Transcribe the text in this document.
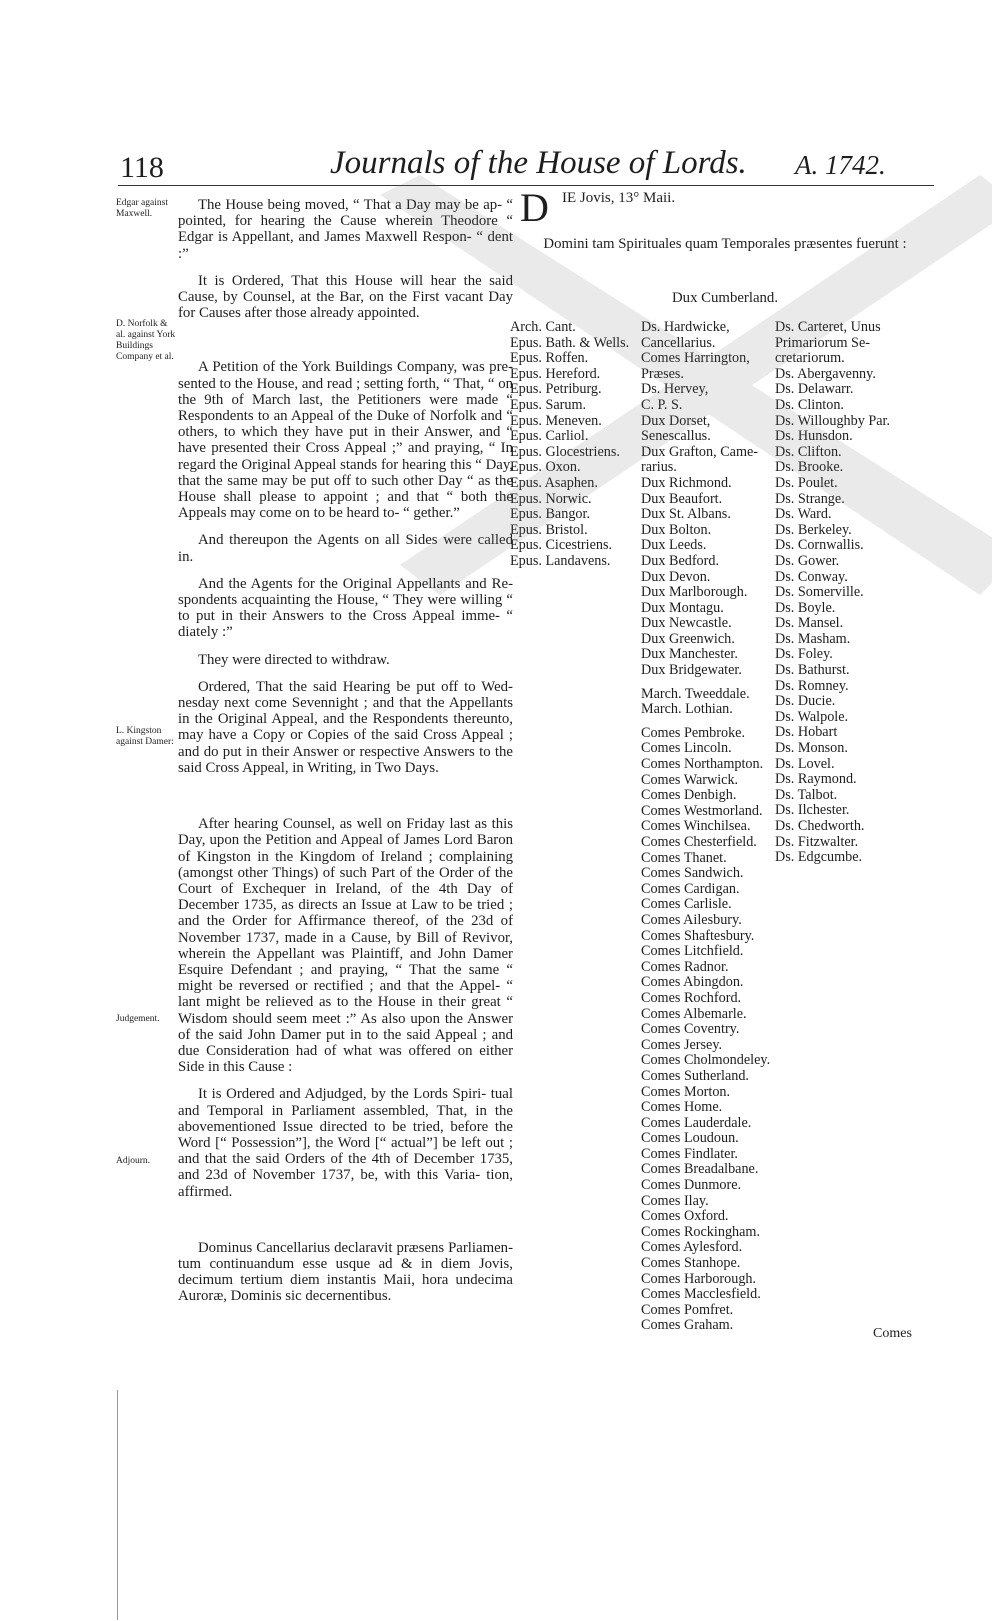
118	Journals of the House of Lords. A. 1742.
Edgar against Maxwell.
D. Norfolk & al. against York Buildings Company et al.
L. Kingston against Damer:
Judgement.
Adjourn.

The House being moved, “ That a Day may be ap- “ pointed, for hearing the Cause wherein Theodore “ Edgar is Appellant, and James Maxwell Respon- “ dent :”

It is Ordered, That this House will hear the said Cause, by Counsel, at the Bar, on the First vacant Day for Causes after those already appointed.

A Petition of the York Buildings Company, was pre- sented to the House, and read ; setting forth, “ That, “ on the 9th of March last, the Petitioners were made “ Respondents to an Appeal of the Duke of Norfolk and “ others, to which they have put in their Answer, and “ have presented their Cross Appeal ;” and praying, “ In regard the Original Appeal stands for hearing this “ Day, that the same may be put off to such other Day “ as the House shall please to appoint ; and that “ both the Appeals may come on to be heard to- “ gether.”

And thereupon the Agents on all Sides were called in.

And the Agents for the Original Appellants and Re- spondents acquainting the House, “ They were willing “ to put in their Answers to the Cross Appeal imme- “ diately :”

They were directed to withdraw.

Ordered, That the said Hearing be put off to Wed- nesday next come Sevennight ; and that the Appellants in the Original Appeal, and the Respondents thereunto, may have a Copy or Copies of the said Cross Appeal ; and do put in their Answer or respective Answers to the said Cross Appeal, in Writing, in Two Days.

After hearing Counsel, as well on Friday last as this Day, upon the Petition and Appeal of James Lord Baron of Kingston in the Kingdom of Ireland ; complaining (amongst other Things) of such Part of the Order of the Court of Exchequer in Ireland, of the 4th Day of December 1735, as directs an Issue at Law to be tried ; and the Order for Affirmance thereof, of the 23d of November 1737, made in a Cause, by Bill of Revivor, wherein the Appellant was Plaintiff, and John Damer Esquire Defendant ; and praying, “ That the same “ might be reversed or rectified ; and that the Appel- “ lant might be relieved as to the House in their great “ Wisdom should seem meet :” As also upon the Answer of the said John Damer put in to the said Appeal ; and due Consideration had of what was offered on either Side in this Cause :

It is Ordered and Adjudged, by the Lords Spiri- tual and Temporal in Parliament assembled, That, in the abovementioned Issue directed to be tried, before the Word [“ Possession”], the Word [“ actual”] be left out ; and that the said Orders of the 4th of December 1735, and 23d of November 1737, be, with this Varia- tion, affirmed.

Dominus Cancellarius declaravit præsens Parliamen- tum continuandum esse usque ad & in diem Jovis, decimum tertium diem instantis Maii, hora undecima Auroræ, Dominis sic decernentibus.

D IE Jovis, 13° Maii.
Domini tam Spirituales quam Temporales præsentes fuerunt :
Dux Cumberland.
Arch. Cant.
Epus. Bath. & Wells.
Epus. Roffen.
Epus. Hereford.
Epus. Petriburg.
Epus. Sarum.
Epus. Meneven.
Epus. Carliol.
Epus. Glocestriens.
Epus. Oxon.
Epus. Asaphen.
Epus. Norwic.
Epus. Bangor.
Epus. Bristol.
Epus. Cicestriens.
Epus. Landavens.
Ds. Hardwicke,
Cancellarius.
Comes Harrington,
Præses.
Ds. Hervey,
C. P. S.
Dux Dorset,
Senescallus.
Dux Grafton, Came-
rarius.
Dux Richmond.
Dux Beaufort.
Dux St. Albans.
Dux Bolton.
Dux Leeds.
Dux Bedford.
Dux Devon.
Dux Marlborough.
Dux Montagu.
Dux Newcastle.
Dux Greenwich.
Dux Manchester.
Dux Bridgewater.
March. Tweeddale.
March. Lothian.
Comes Pembroke.
Comes Lincoln.
Comes Northampton.
Comes Warwick.
Comes Denbigh.
Comes Westmorland.
Comes Winchilsea.
Comes Chesterfield.
Comes Thanet.
Comes Sandwich.
Comes Cardigan.
Comes Carlisle.
Comes Ailesbury.
Comes Shaftesbury.
Comes Litchfield.
Comes Radnor.
Comes Abingdon.
Comes Rochford.
Comes Albemarle.
Comes Coventry.
Comes Jersey.
Comes Cholmondeley.
Comes Sutherland.
Comes Morton.
Comes Home.
Comes Lauderdale.
Comes Loudoun.
Comes Findlater.
Comes Breadalbane.
Comes Dunmore.
Comes Ilay.
Comes Oxford.
Comes Rockingham.
Comes Aylesford.
Comes Stanhope.
Comes Harborough.
Comes Macclesfield.
Comes Pomfret.
Comes Graham.
Ds. Carteret, Unus
Primariorum Se-
cretariorum.
Ds. Abergavenny.
Ds. Delawarr.
Ds. Clinton.
Ds. Willoughby Par.
Ds. Hunsdon.
Ds. Clifton.
Ds. Brooke.
Ds. Poulet.
Ds. Strange.
Ds. Ward.
Ds. Berkeley.
Ds. Cornwallis.
Ds. Gower.
Ds. Conway.
Ds. Somerville.
Ds. Boyle.
Ds. Mansel.
Ds. Masham.
Ds. Foley.
Ds. Bathurst.
Ds. Romney.
Ds. Ducie.
Ds. Walpole.
Ds. Hobart
Ds. Monson.
Ds. Lovel.
Ds. Raymond.
Ds. Talbot.
Ds. Ilchester.
Ds. Chedworth.
Ds. Fitzwalter.
Ds. Edgcumbe.
Comes
